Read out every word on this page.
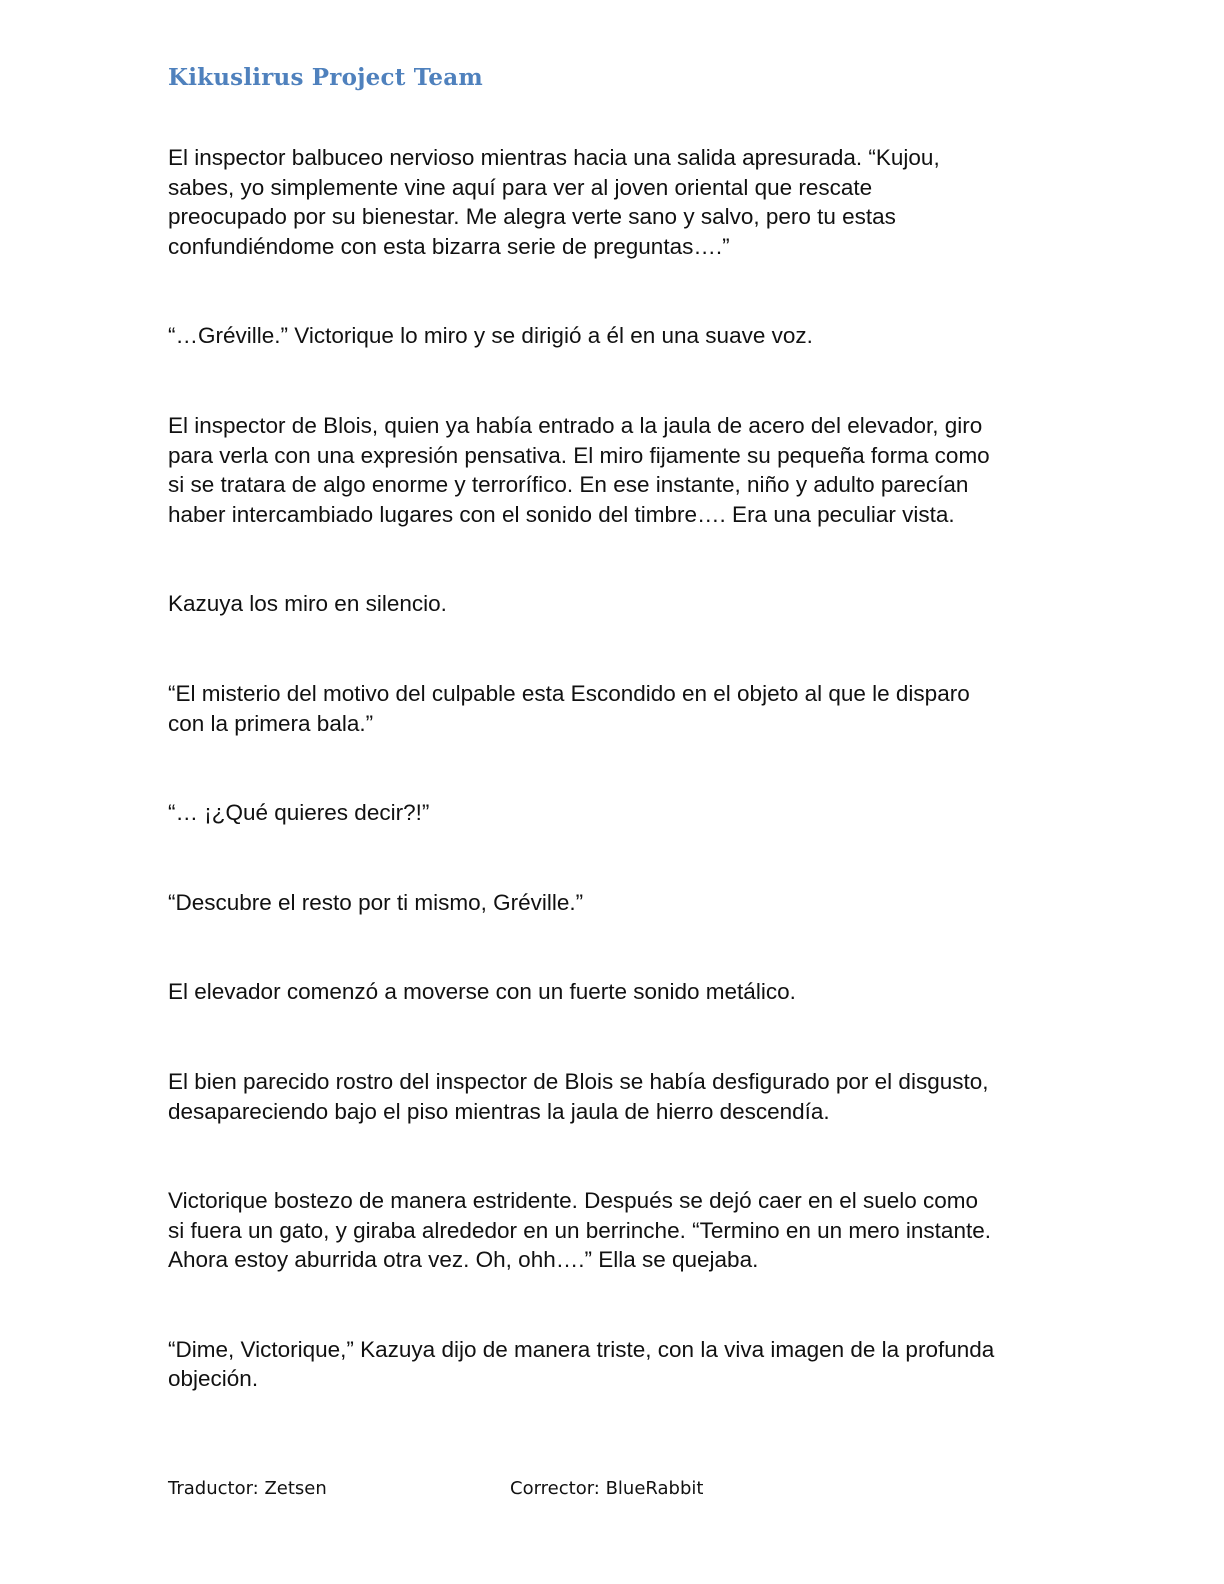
Kikuslirus Project Team

El inspector balbuceo nervioso mientras hacia una salida apresurada. “Kujou,
sabes, yo simplemente vine aquí para ver al joven oriental que rescate
preocupado por su bienestar. Me alegra verte sano y salvo, pero tu estas
confundiéndome con esta bizarra serie de preguntas….”

“…Gréville.” Victorique lo miro y se dirigió a él en una suave voz.

El inspector de Blois, quien ya había entrado a la jaula de acero del elevador, giro
para verla con una expresión pensativa. El miro fijamente su pequeña forma como
si se tratara de algo enorme y terrorífico. En ese instante, niño y adulto parecían
haber intercambiado lugares con el sonido del timbre…. Era una peculiar vista.

Kazuya los miro en silencio.

“El misterio del motivo del culpable esta Escondido en el objeto al que le disparo
con la primera bala.”

“… ¡¿Qué quieres decir?!”

“Descubre el resto por ti mismo, Gréville.”

El elevador comenzó a moverse con un fuerte sonido metálico.

El bien parecido rostro del inspector de Blois se había desfigurado por el disgusto,
desapareciendo bajo el piso mientras la jaula de hierro descendía.

Victorique bostezo de manera estridente. Después se dejó caer en el suelo como
si fuera un gato, y giraba alrededor en un berrinche. “Termino en un mero instante.
Ahora estoy aburrida otra vez. Oh, ohh….” Ella se quejaba.

“Dime, Victorique,” Kazuya dijo de manera triste, con la viva imagen de la profunda
objeción.

Traductor: Zetsen	Corrector: BlueRabbit
